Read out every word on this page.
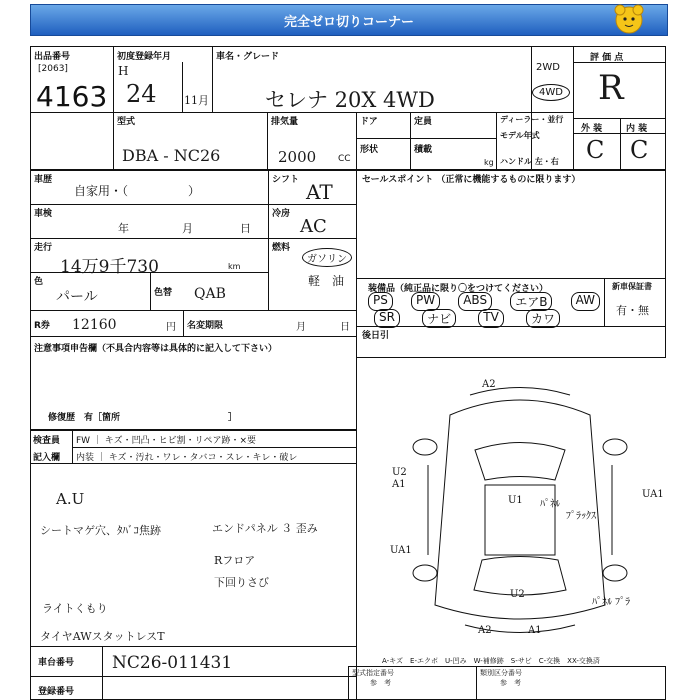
完全ゼロ切りコーナー
出品番号
[2063]
4163
初度登録年月
H
24 11月
車名・グレード
セレナ 20X 4WD
2WD
4WD
評 価 点
R
型式
DBA - NC26
排気量
2000 CC
ドア	定員
形状	積載
kg
ディーラー・並行
モデル年式
ハンドル 左・右
外 装	内 装
C C
車歴
自家用・（　　　　　）
シフト AT
車検
年	月	日
冷房
AC
走行
14万9千730	km
燃料
ガソリン
軽　油
色
パール	色替 QAB
R券 12160	円 名変期限	月	日
注意事項申告欄（不具合内容等は具体的に記入して下さい）
修復歴　有［箇所　　　　　　　　　　　　］
セールスポイント （正常に機能するものに限ります）
装備品（純正品に限り〇をつけてください）	新車保証書
有・無
PS	PW	ABS	エアB	AW
SR	ナビ	TV	カワ
後日引
検査員
記入欄
FW ｜ キズ・凹凸・ヒビ割・リペア跡・×要
内装 ｜ キズ・汚れ・ワレ・タバコ・スレ・キレ・破レ
A.U
シートマゲ穴、ﾀﾊﾞｺ焦跡	エンドパネル ３ 歪み
Rフロア
下回りさび
ライトくもり
タイヤAWスタットレスT
A2
U2
A1
UA1
U1
UA1
U2
A2	A1
ﾊﾟﾈﾙ
ﾌﾟﾗｯｸｽ
ﾊﾟﾈﾙ ﾌﾟﾗ
車台番号 NC26-011431
登録番号
A-キズ　E-エクボ　U-凹み　W-補修跡　S-サビ　C-交換　XX-交換済
型式指定番号
参　考
類別区分番号
参　考
